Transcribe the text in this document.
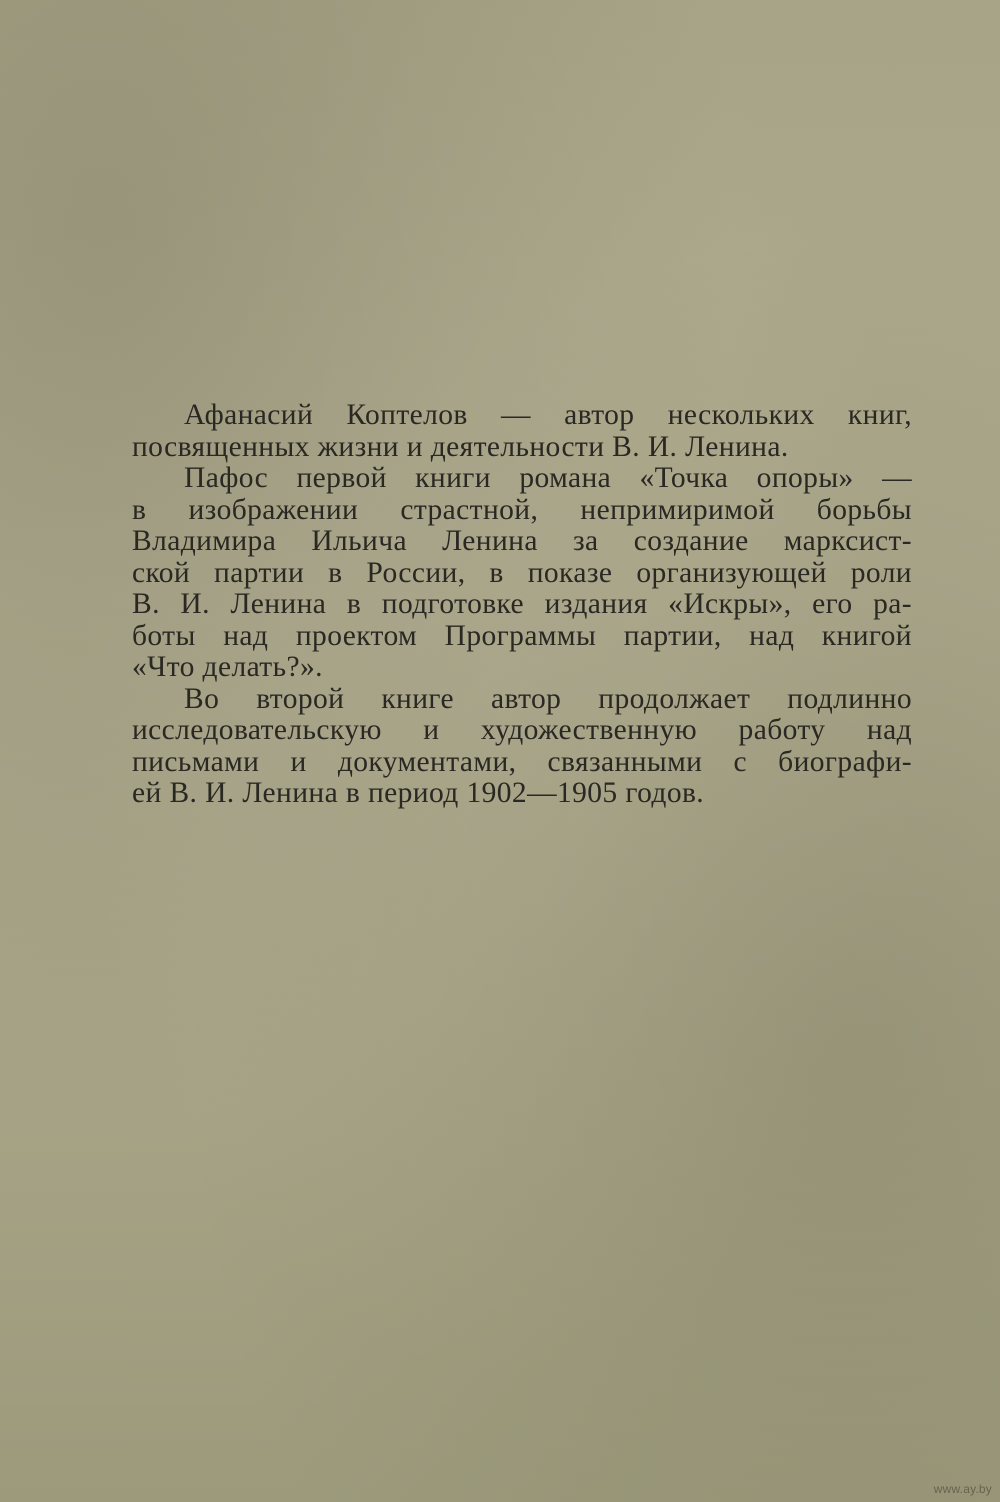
Афанасий Коптелов — автор нескольких книг,
посвященных жизни и деятельности В. И. Ленина.
Пафос первой книги романа «Точка опоры» —
в изображении страстной, непримиримой борьбы
Владимира Ильича Ленина за создание марксист-
ской партии в России, в показе организующей роли
В. И. Ленина в подготовке издания «Искры», его ра-
боты над проектом Программы партии, над книгой
«Что делать?».
Во второй книге автор продолжает подлинно
исследовательскую и художественную работу над
письмами и документами, связанными с биографи-
ей В. И. Ленина в период 1902—1905 годов.
www.ay.by
